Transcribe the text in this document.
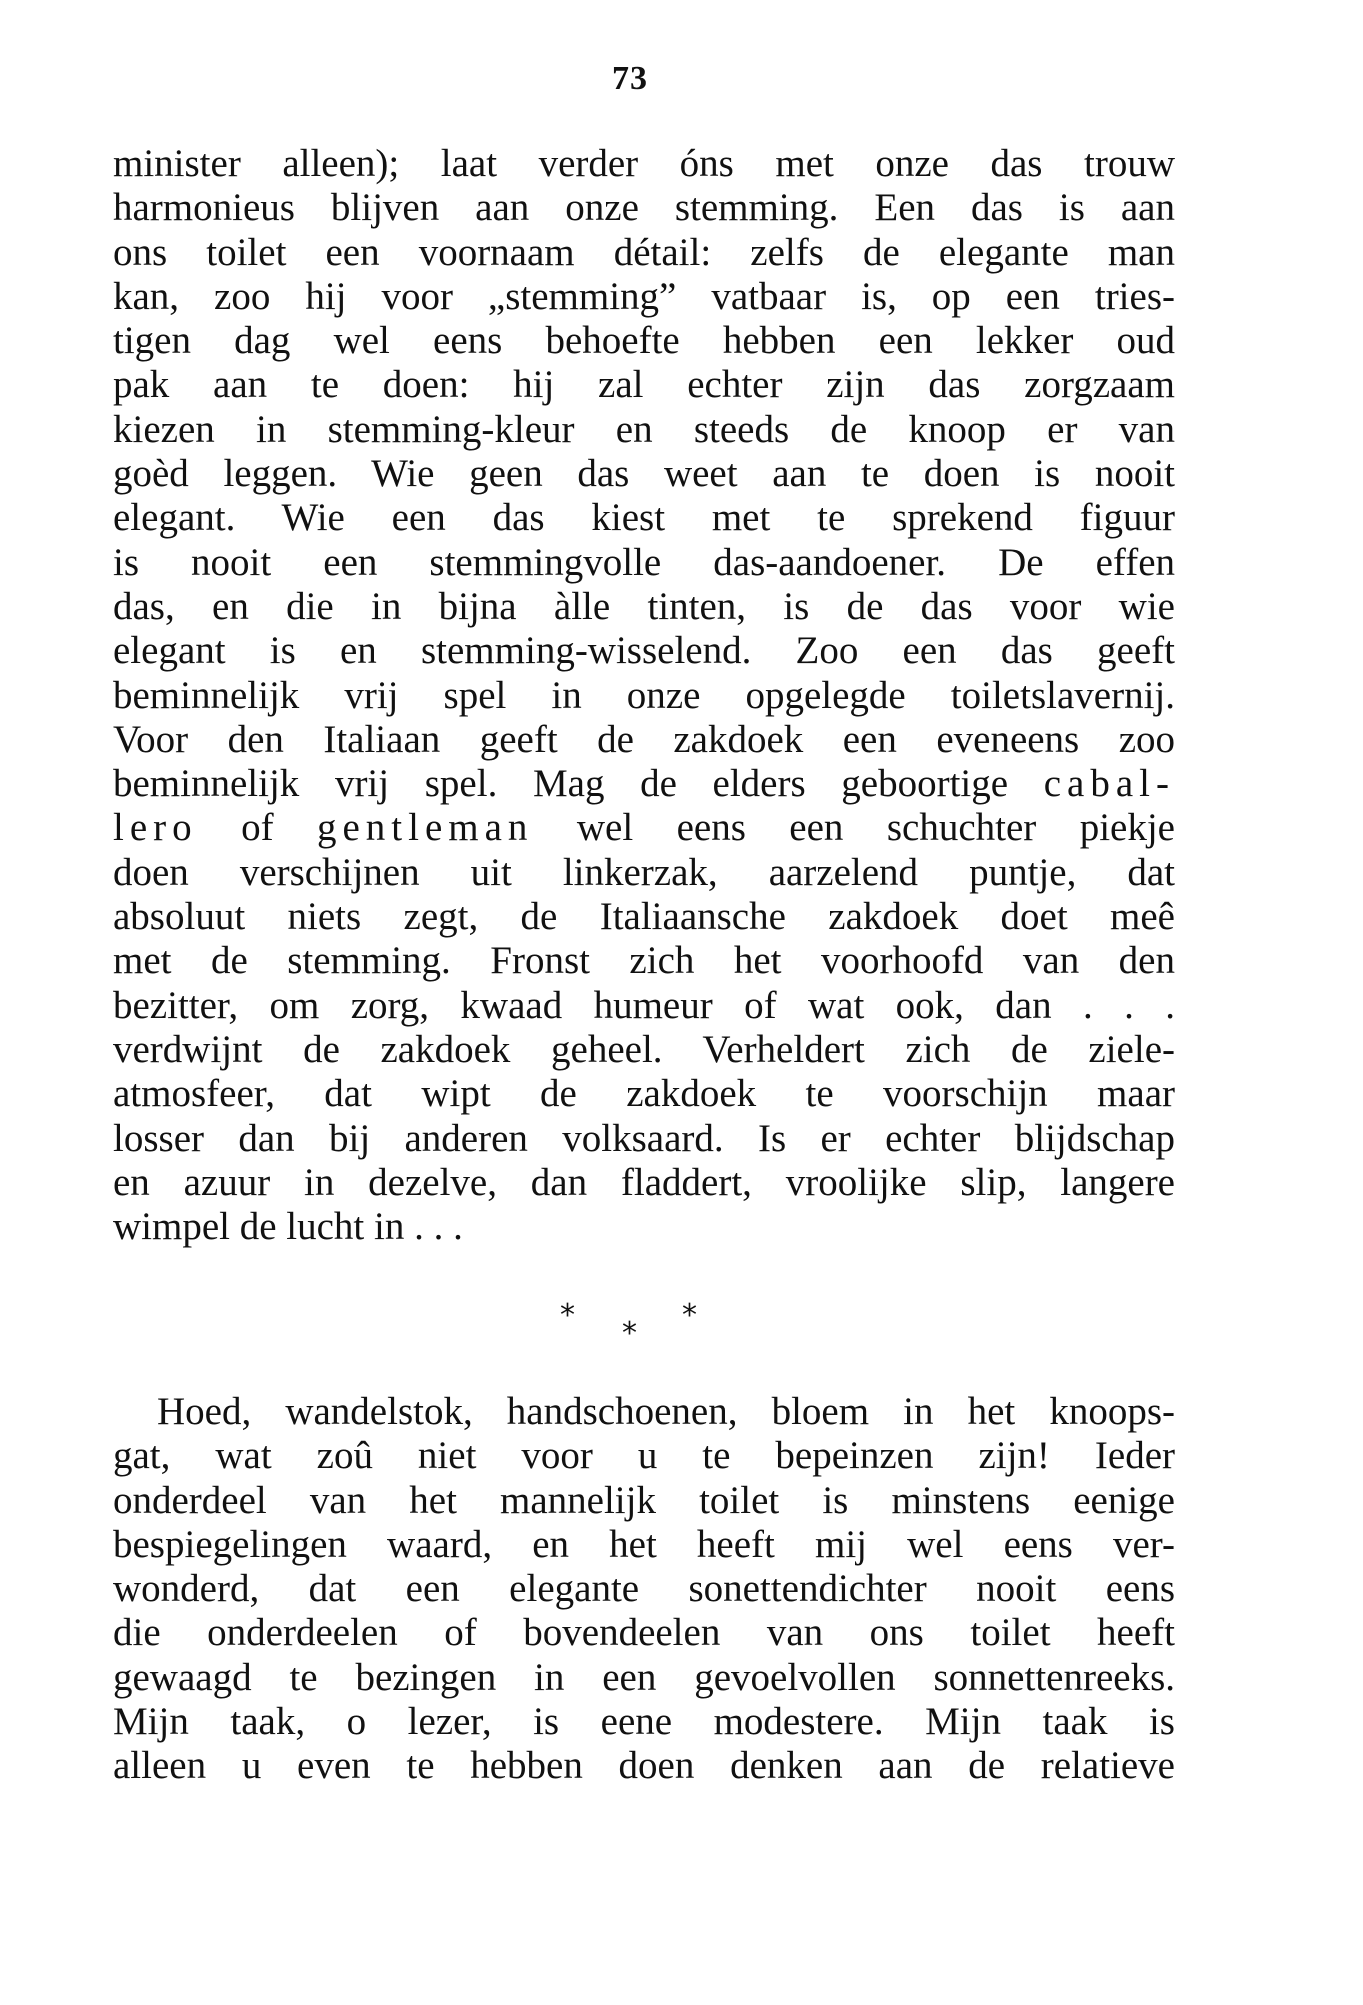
73
minister alleen); laat verder óns met onze das trouw
harmonieus blijven aan onze stemming. Een das is aan
ons toilet een voornaam détail: zelfs de elegante man
kan, zoo hij voor „stemming” vatbaar is, op een tries-
tigen dag wel eens behoefte hebben een lekker oud
pak aan te doen: hij zal echter zijn das zorgzaam
kiezen in stemming-kleur en steeds de knoop er van
goèd leggen. Wie geen das weet aan te doen is nooit
elegant. Wie een das kiest met te sprekend figuur
is nooit een stemmingvolle das-aandoener. De effen
das, en die in bijna àlle tinten, is de das voor wie
elegant is en stemming-wisselend. Zoo een das geeft
beminnelijk vrij spel in onze opgelegde toiletslavernij.
Voor den Italiaan geeft de zakdoek een eveneens zoo
beminnelijk vrij spel. Mag de elders geboortige cabal-
lero of gentleman wel eens een schuchter piekje
doen verschijnen uit linkerzak, aarzelend puntje, dat
absoluut niets zegt, de Italiaansche zakdoek doet meê
met de stemming. Fronst zich het voorhoofd van den
bezitter, om zorg, kwaad humeur of wat ook, dan . . .
verdwijnt de zakdoek geheel. Verheldert zich de ziele-
atmosfeer, dat wipt de zakdoek te voorschijn maar
losser dan bij anderen volksaard. Is er echter blijdschap
en azuur in dezelve, dan fladdert, vroolijke slip, langere
wimpel de lucht in . . .
*
*
*
Hoed, wandelstok, handschoenen, bloem in het knoops-
gat, wat zoû niet voor u te bepeinzen zijn! Ieder
onderdeel van het mannelijk toilet is minstens eenige
bespiegelingen waard, en het heeft mij wel eens ver-
wonderd, dat een elegante sonettendichter nooit eens
die onderdeelen of bovendeelen van ons toilet heeft
gewaagd te bezingen in een gevoelvollen sonnettenreeks.
Mijn taak, o lezer, is eene modestere. Mijn taak is
alleen u even te hebben doen denken aan de relatieve
